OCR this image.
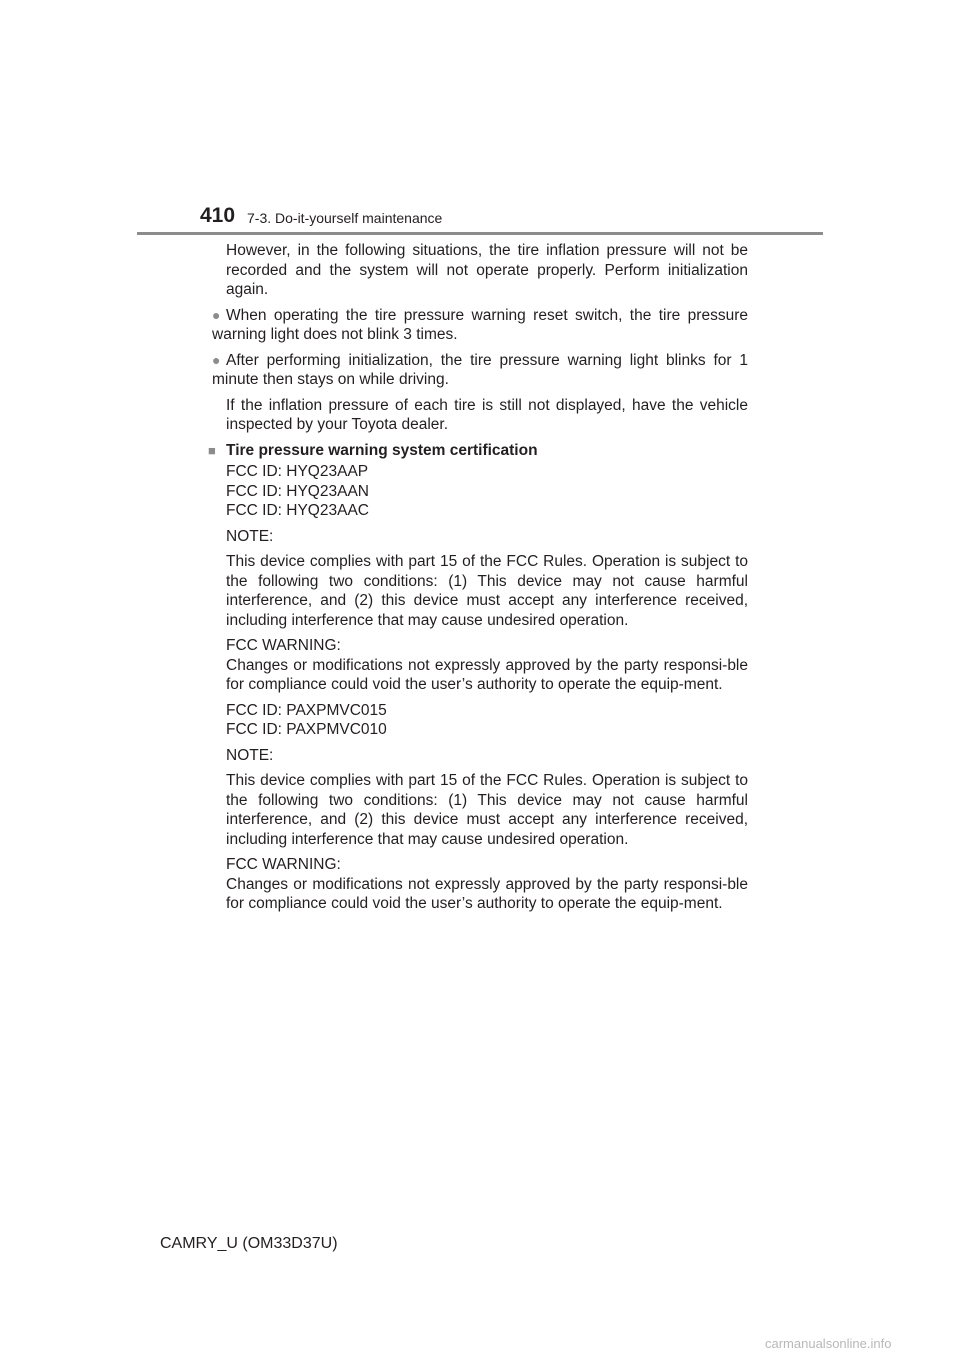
410 7-3. Do-it-yourself maintenance

However, in the following situations, the tire inflation pressure will not be recorded and the system will not operate properly. Perform initialization again.

● When operating the tire pressure warning reset switch, the tire pressure warning light does not blink 3 times.
● After performing initialization, the tire pressure warning light blinks for 1 minute then stays on while driving.

If the inflation pressure of each tire is still not displayed, have the vehicle inspected by your Toyota dealer.

■ Tire pressure warning system certification
FCC ID: HYQ23AAP
FCC ID: HYQ23AAN
FCC ID: HYQ23AAC

NOTE:

This device complies with part 15 of the FCC Rules. Operation is subject to the following two conditions: (1) This device may not cause harmful interference, and (2) this device must accept any interference received, including interference that may cause undesired operation.

FCC WARNING:

Changes or modifications not expressly approved by the party responsi-ble for compliance could void the user’s authority to operate the equip-ment.

FCC ID: PAXPMVC015
FCC ID: PAXPMVC010

NOTE:

This device complies with part 15 of the FCC Rules. Operation is subject to the following two conditions: (1) This device may not cause harmful interference, and (2) this device must accept any interference received, including interference that may cause undesired operation.

FCC WARNING:

Changes or modifications not expressly approved by the party responsi-ble for compliance could void the user’s authority to operate the equip-ment.

CAMRY_U (OM33D37U)
carmanualsonline.info
